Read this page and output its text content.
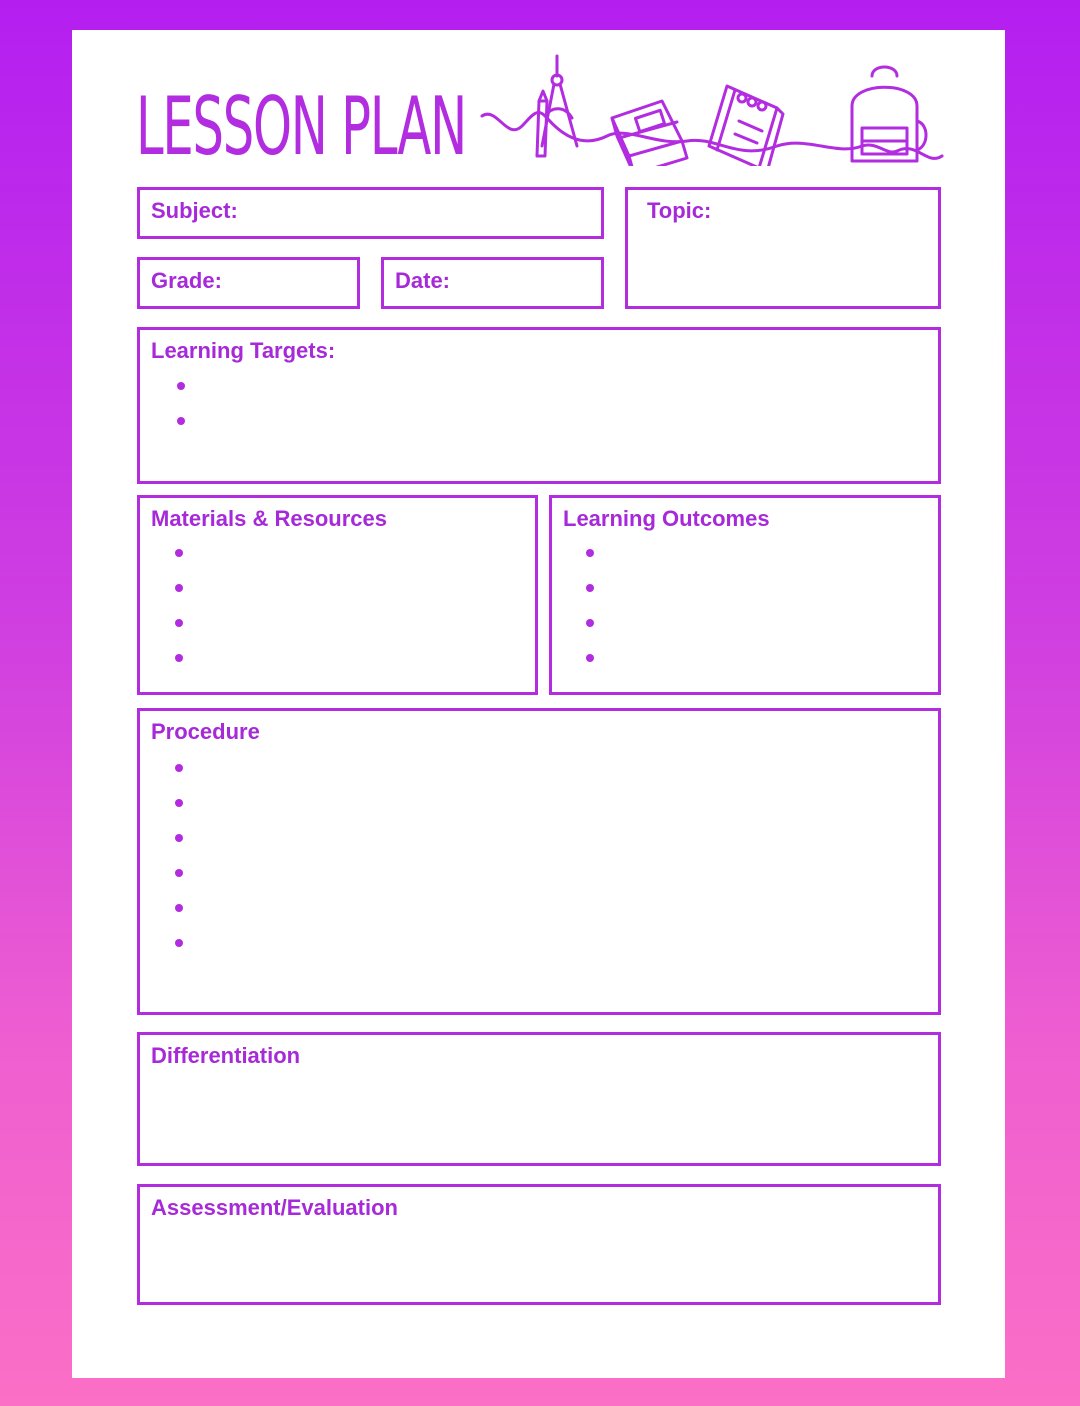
LESSON PLAN
Subject:	Topic:
Grade:	Date:
Learning Targets:
Materials & Resources	Learning Outcomes
Procedure
Differentiation
Assessment/Evaluation
